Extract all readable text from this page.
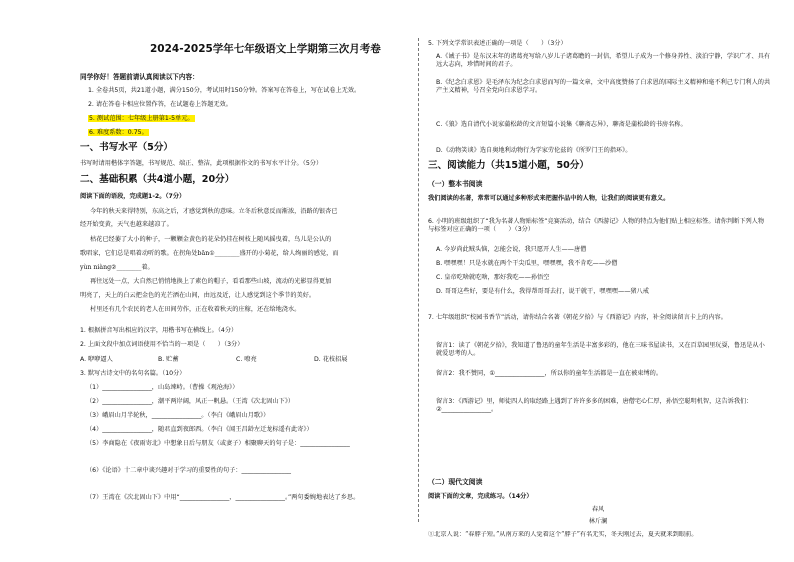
2024-2025学年七年级语文上学期第三次月考卷
同学你好！答题前请认真阅读以下内容：
1. 全卷共5页，共21道小题，满分150分，考试用时150分钟。答案写在答卷上，写在试卷上无效。
2. 请在答卷卡相应位置作答，在试题卷上答题无效。
5. 测试范围：七年级上册第1-5单元。
6. 难度系数：0.75。
一、书写水平（5分）
书写时请用楷体字答题，书写规范、端正、整洁，此项根据作文的书写水平计分。（5分）
二、基础积累（共4道小题，20分）
阅读下面的语段，完成题1-2。（7分）
今年的秋天来得特别，东高之后，才感觉到秋的意味。立冬后秋意反而渐浓，沿路的银杏已
经开始变黄，天气也越来越凉了。
枯花已经萎了大小的种子，一颗颗金黄色的花朵仍挂在树枝上随风摇曳着，鸟儿是公认的
歌唱家，它们总是唱着动听的歌。在拐角处bān①________盛开的小菊花，给人绚丽的感觉，而
yùn niàng②________着。
再往远处一点，大自然已悄悄地换上了素色的帽子，看看那些山坡，流动的光影显得更加
明亮了，天上的白云把金色的光芒洒在山间，由远及近，让人感觉到这个季节的美好。
村里还有几个农民的老人在田间劳作，正在收着秋天的庄稼，还在给地浇水。
1. 根据拼音写出相应的汉字，用楷书写在横线上。（4分）
2. 上面文段中加点词语使用不恰当的一项是（　　）（3分）
A. 咿咿逼人	B. 贮蓄	C. 嘹亮	D. 花枝招展
3. 默写古诗文中的名句名篇。（10分）
（1）________________，山岛竦峙。（曹操《观沧海》）
（2）________________，潮平两岸阔，风正一帆悬。（王湾《次北固山下》）
（3）峨眉山月半轮秋，________________。（李白《峨眉山月歌》）
（4）________________，随君直到夜郎西。（李白《闻王昌龄左迁龙标遥有此寄》）
（5）李商隐在《夜雨寄北》中想象日后与朋友（或妻子）相聚聊天的句子是：________________
（6）《论语》十二章中谈兴趣对于学习的重要性的句子：________________
（7）王湾在《次北固山下》中用“________________，________________。”两句委婉地表达了乡思。
5. 下列文学常识表述正确的一项是（　　）（3分）
A.《诫子书》是东汉末年的诸葛亮写给八岁儿子诸葛瞻的一封信，希望儿子成为一个修身养性、淡泊宁静，学识广才、具有远大志向，珍惜时间的君子。
B.《纪念白求恩》是毛泽东为纪念白求恩而写的一篇文章，文中高度赞扬了白求恩的国际主义精神和毫不利己专门利人的共产主义精神，号召全党向白求恩学习。
C.《狼》选自清代小说家蒲松龄的文言短篇小说集《聊斋志异》，聊斋是蒲松龄的书房名称。
D.《动物笑谈》选自奥地利动物行为学家劳伦兹的《所罗门王的指环》。
三、阅读能力（共15道小题，50分）
（一）整本书阅读
我们阅读的名著，常常可以通过多种形式来把握作品中的人物，让我们的阅读更有意义。
6. 小明的班级组织了“我为名著人物贴标签”竞赛活动，结合《西游记》人物的特点为他们贴上相应标签。请你判断下列人物与标签对应正确的一项（　　）（3分）
A. 今岁尚此贼头恼，怎能会说，我只愿开人生——唐僧
B. 嘿嘿嘿！只是水就在两个干尖瓜里，嘿嘿嘿，我不肯吃——沙僧
C. 皇帝吃啥就吃啥，那好我吃——孙悟空
D. 哥哥这些好，要是有什么，我得帮哥哥去打，说干就干，嘿嘿嘿——猪八戒
7. 七年级组织“校园书香节”活动，请你结合名著《朝花夕拾》与《西游记》内容，补全阅读留言卡上的内容。
留言1：读了《朝花夕拾》，我知道了鲁迅的童年生活是丰富多彩的，他在三味书屋读书，又在百草园里玩耍，鲁迅是从小就爱思考的人。
留言2：我不赞同，①________________，所以你的童年生活都是一直在被束缚的。
留言3：《西游记》里，师徒四人的取经路上遇到了许许多多的困难，唐僧宅心仁厚，孙悟空聪明机智，这告诉我们：②________________。
（二）现代文阅读
阅读下面的文章，完成练习。（14分）
春风
林斤澜
①北京人说：“春脖子短。”从南方来的人觉着这个“脖子”有名无实，冬天刚过去，夏天就来到眼前。
